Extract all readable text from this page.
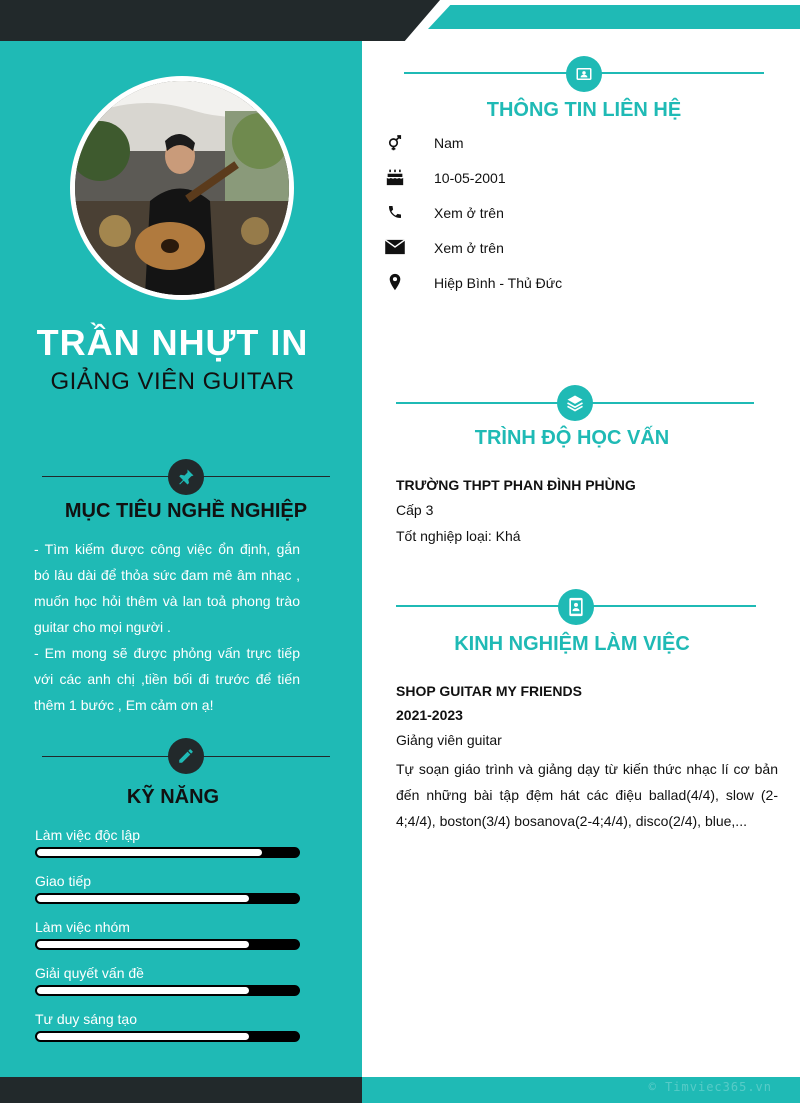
© Timviec365.vn
TRẦN NHỰT IN
GIẢNG VIÊN GUITAR
MỤC TIÊU NGHỀ NGHIỆP

- Tìm kiếm được công việc ổn định, gắn bó lâu dài để thỏa sức đam mê âm nhạc , muốn học hỏi thêm và lan toả phong trào guitar cho mọi người .

- Em mong sẽ được phỏng vấn trực tiếp với các anh chị ,tiền bối đi trước để tiến thêm 1 bước , Em cảm ơn ạ!

KỸ NĂNG
Làm việc độc lập
Giao tiếp
Làm việc nhóm
Giải quyết vấn đề
Tư duy sáng tạo
THÔNG TIN LIÊN HỆ
Nam
10-05-2001
Xem ở trên
Xem ở trên
Hiệp Bình - Thủ Đức
TRÌNH ĐỘ HỌC VẤN
TRƯỜNG THPT PHAN ĐÌNH PHÙNG
Cấp 3
Tốt nghiệp loại: Khá
KINH NGHIỆM LÀM VIỆC
SHOP GUITAR MY FRIENDS
2021-2023
Giảng viên guitar
Tự soạn giáo trình và giảng dạy từ kiến thức nhạc lí cơ bản đến những bài tập đệm hát các điệu ballad(4/4), slow (2-4;4/4), boston(3/4) bosanova(2-4;4/4), disco(2/4), blue,...
